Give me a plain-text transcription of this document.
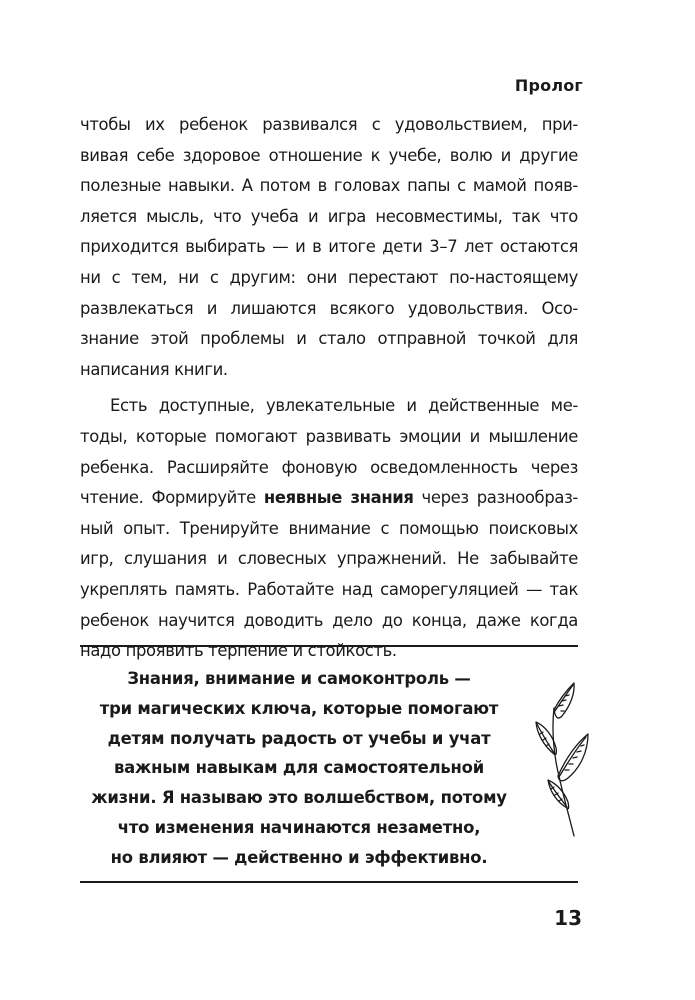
Пролог

чтобы их ребенок развивался с удовольствием, при-
вивая себе здоровое отношение к учебе, волю и другие
полезные навыки. А потом в головах папы с мамой появ-
ляется мысль, что учеба и игра несовместимы, так что
приходится выбирать — и в итоге дети 3–7 лет остаются
ни с тем, ни с другим: они перестают по-настоящему
развлекаться и лишаются всякого удовольствия. Осо-
знание этой проблемы и стало отправной точкой для
написания книги.

Есть доступные, увлекательные и действенные ме-
тоды, которые помогают развивать эмоции и мышление
ребенка. Расширяйте фоновую осведомленность через
чтение. Формируйте неявные знания через разнообраз-
ный опыт. Тренируйте внимание с помощью поисковых
игр, слушания и словесных упражнений. Не забывайте
укреплять память. Работайте над саморегуляцией — так
ребенок научится доводить дело до конца, даже когда
надо проявить терпение и стойкость.

Знания, внимание и самоконтроль —
три магических ключа, которые помогают
детям получать радость от учебы и учат
важным навыкам для самостоятельной
жизни. Я называю это волшебством, потому
что изменения начинаются незаметно,
но влияют — действенно и эффективно.
13
